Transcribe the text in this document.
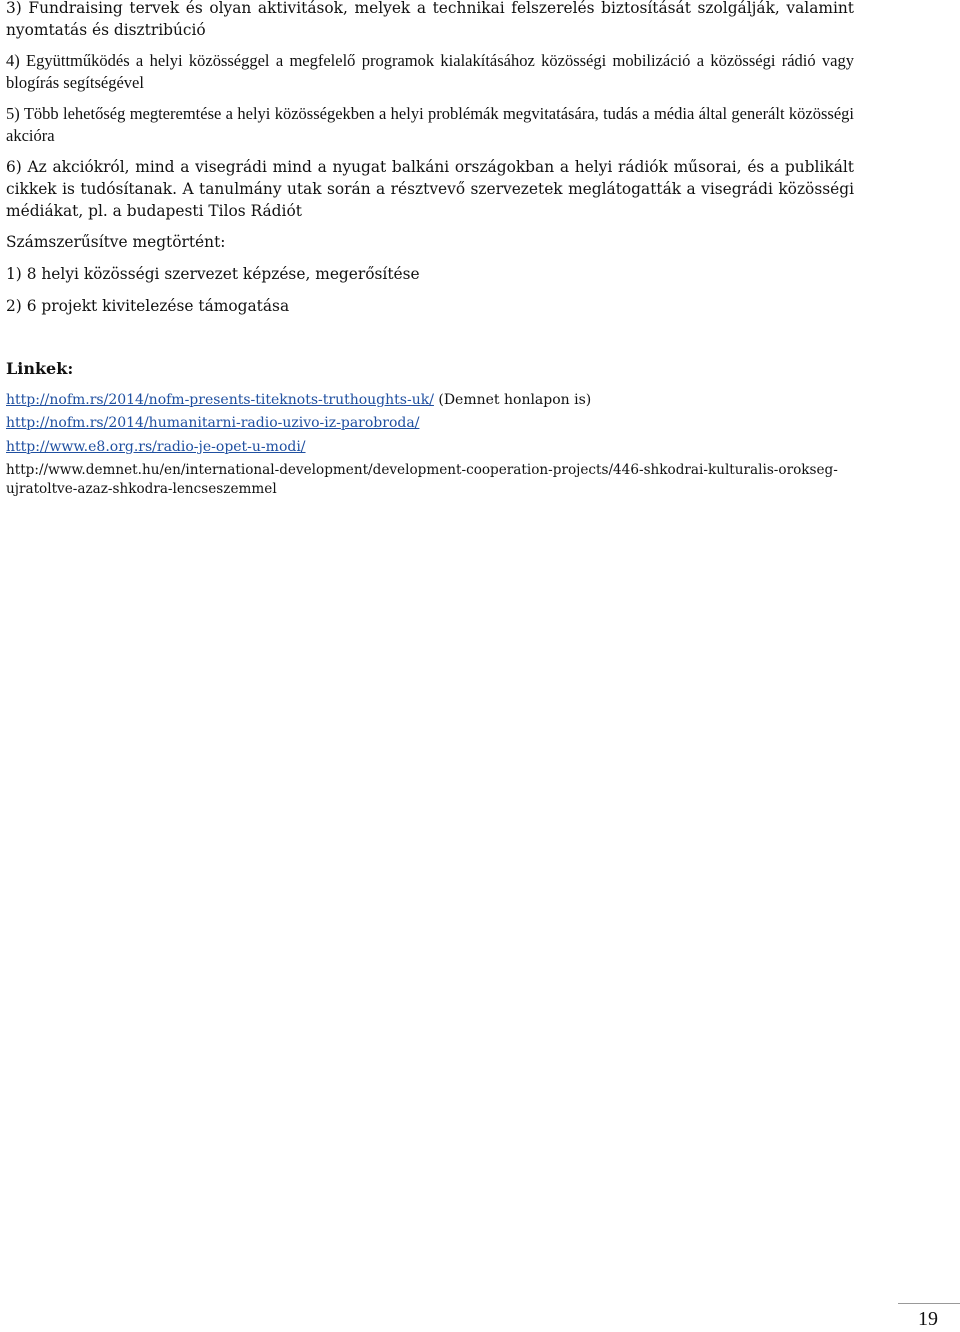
3) Fundraising tervek és olyan aktivitások, melyek a technikai felszerelés biztosítását szolgálják, valamint nyomtatás és disztribúció

4) Együttműködés a helyi közösséggel a megfelelő programok kialakításához közösségi mobilizáció a közösségi rádió vagy blogírás segítségével

5) Több lehetőség megteremtése a helyi közösségekben a helyi problémák megvitatására, tudás a média által generált közösségi akcióra

6) Az akciókról, mind a visegrádi mind a nyugat balkáni országokban a helyi rádiók műsorai, és a publikált cikkek is tudósítanak. A tanulmány utak során a résztvevő szervezetek meglátogatták a visegrádi közösségi médiákat, pl. a budapesti Tilos Rádiót

Számszerűsítve megtörtént:

1) 8 helyi közösségi szervezet képzése, megerősítése

2) 6 projekt kivitelezése támogatása

Linkek:

http://nofm.rs/2014/nofm-presents-titeknots-truthoughts-uk/ (Demnet honlapon is)

http://nofm.rs/2014/humanitarni-radio-uzivo-iz-parobroda/

http://www.e8.org.rs/radio-je-opet-u-modi/

http://www.demnet.hu/en/international-development/development-cooperation-projects/446-shkodrai-kulturalis-orokseg-ujratoltve-azaz-shkodra-lencseszemmel

19
